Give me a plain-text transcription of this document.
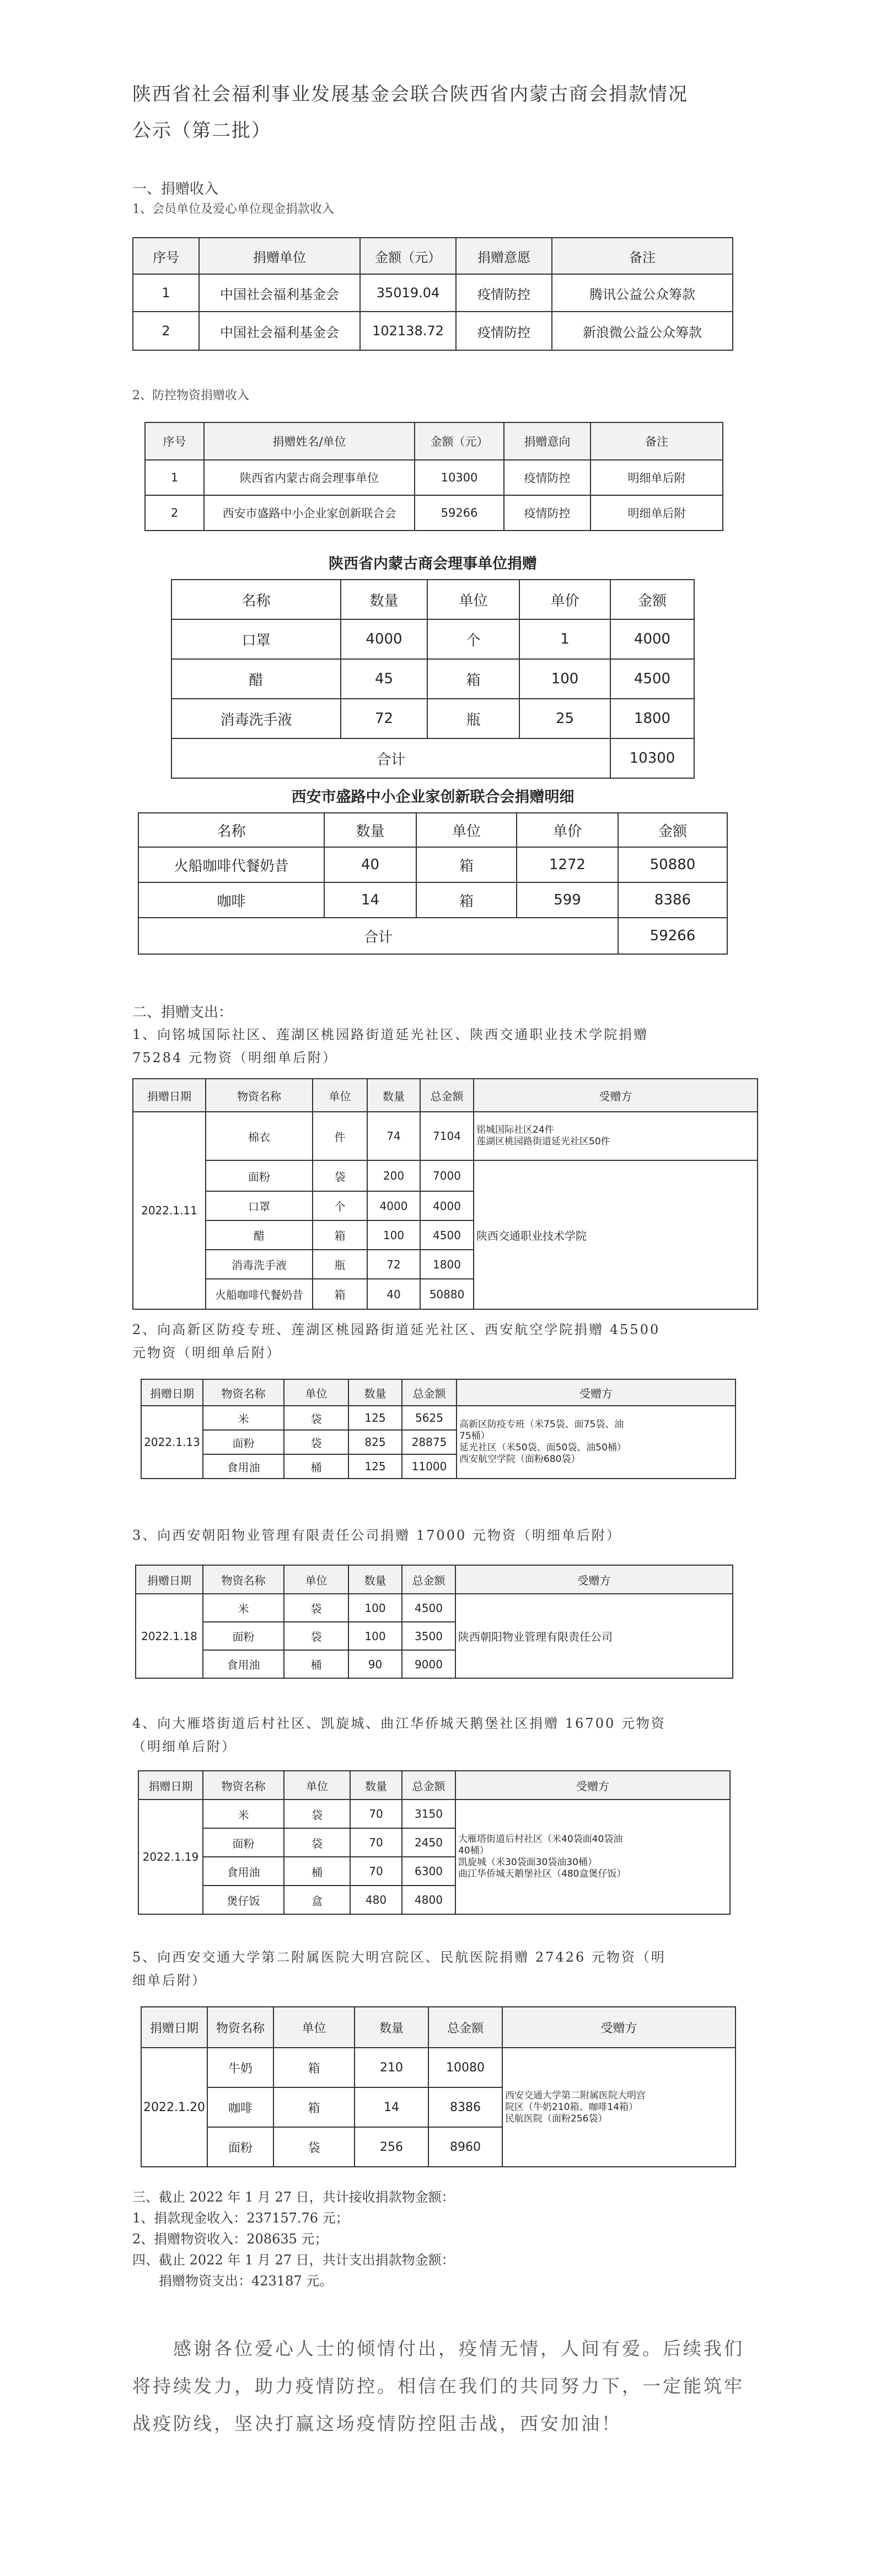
陕西省社会福利事业发展基金会联合陕西省内蒙古商会捐款情况
公示（第二批）
一、捐赠收入
1、会员单位及爱心单位现金捐款收入
序号	捐赠单位	金额（元）	捐赠意愿	备注
1	中国社会福利基金会	35019.04	疫情防控	腾讯公益公众筹款
2	中国社会福利基金会	102138.72	疫情防控	新浪微公益公众筹款
2、防控物资捐赠收入
序号	捐赠姓名/单位	金额（元）	捐赠意向	备注
1	陕西省内蒙古商会理事单位	10300	疫情防控	明细单后附
2	西安市盛路中小企业家创新联合会	59266	疫情防控	明细单后附
陕西省内蒙古商会理事单位捐赠
名称	数量	单位	单价	金额
口罩	4000	个	1	4000
醋	45	箱	100	4500
消毒洗手液	72	瓶	25	1800
合计				10300
西安市盛路中小企业家创新联合会捐赠明细
名称	数量	单位	单价	金额
火船咖啡代餐奶昔	40	箱	1272	50880
咖啡	14	箱	599	8386
合计				59266
二、捐赠支出：
1、向铭城国际社区、莲湖区桃园路街道延光社区、陕西交通职业技术学院捐赠
75284 元物资（明细单后附）
捐赠日期	物资名称	单位	数量	总金额	受赠方
2022.1.11	棉衣	件	74	7104	铭城国际社区24件
莲湖区桃园路街道延光社区50件

	面粉	袋	200	7000	陕西交通职业技术学院
	口罩	个	4000	4000	
	醋	箱	100	4500	
	消毒洗手液	瓶	72	1800	
	火船咖啡代餐奶昔	箱	40	50880	
2、向高新区防疫专班、莲湖区桃园路街道延光社区、西安航空学院捐赠 45500
元物资（明细单后附）
捐赠日期	物资名称	单位	数量	总金额	受赠方
2022.1.13	米	袋	125	5625	高新区防疫专班（米75袋、面75袋、油
75桶）
延光社区（米50袋、面50袋、油50桶）
西安航空学院（面粉680袋）

	面粉	袋	825	28875	
	食用油	桶	125	11000	
3、向西安朝阳物业管理有限责任公司捐赠 17000 元物资（明细单后附）
捐赠日期	物资名称	单位	数量	总金额	受赠方
2022.1.18	米	袋	100	4500	陕西朝阳物业管理有限责任公司
	面粉	袋	100	3500	
	食用油	桶	90	9000	
4、向大雁塔街道后村社区、凯旋城、曲江华侨城天鹅堡社区捐赠 16700 元物资
（明细单后附）
捐赠日期	物资名称	单位	数量	总金额	受赠方
2022.1.19	米	袋	70	3150	大雁塔街道后村社区（米40袋面40袋油
40桶）
凯旋城（米30袋面30袋油30桶）
曲江华侨城天鹅堡社区（480盒煲仔饭）

	面粉	袋	70	2450	
	食用油	桶	70	6300	
	煲仔饭	盒	480	4800	
5、向西安交通大学第二附属医院大明宫院区、民航医院捐赠 27426 元物资（明
细单后附）
捐赠日期	物资名称	单位	数量	总金额	受赠方
2022.1.20	牛奶	箱	210	10080	西安交通大学第二附属医院大明宫
院区（牛奶210箱、咖啡14箱）
民航医院（面粉256袋）

	咖啡	箱	14	8386	
	面粉	袋	256	8960	
三、截止 2022 年 1 月 27 日，共计接收捐款物金额：
1、捐款现金收入：237157.76 元；
2、捐赠物资收入：208635 元；
四、截止 2022 年 1 月 27 日，共计支出捐款物金额：
　　捐赠物资支出：423187 元。
　　感谢各位爱心人士的倾情付出，疫情无情，人间有爱。后续我们将持续发力，助力疫情防控。相信在我们的共同努力下，一定能筑牢战疫防线，坚决打赢这场疫情防控阻击战，西安加油！
